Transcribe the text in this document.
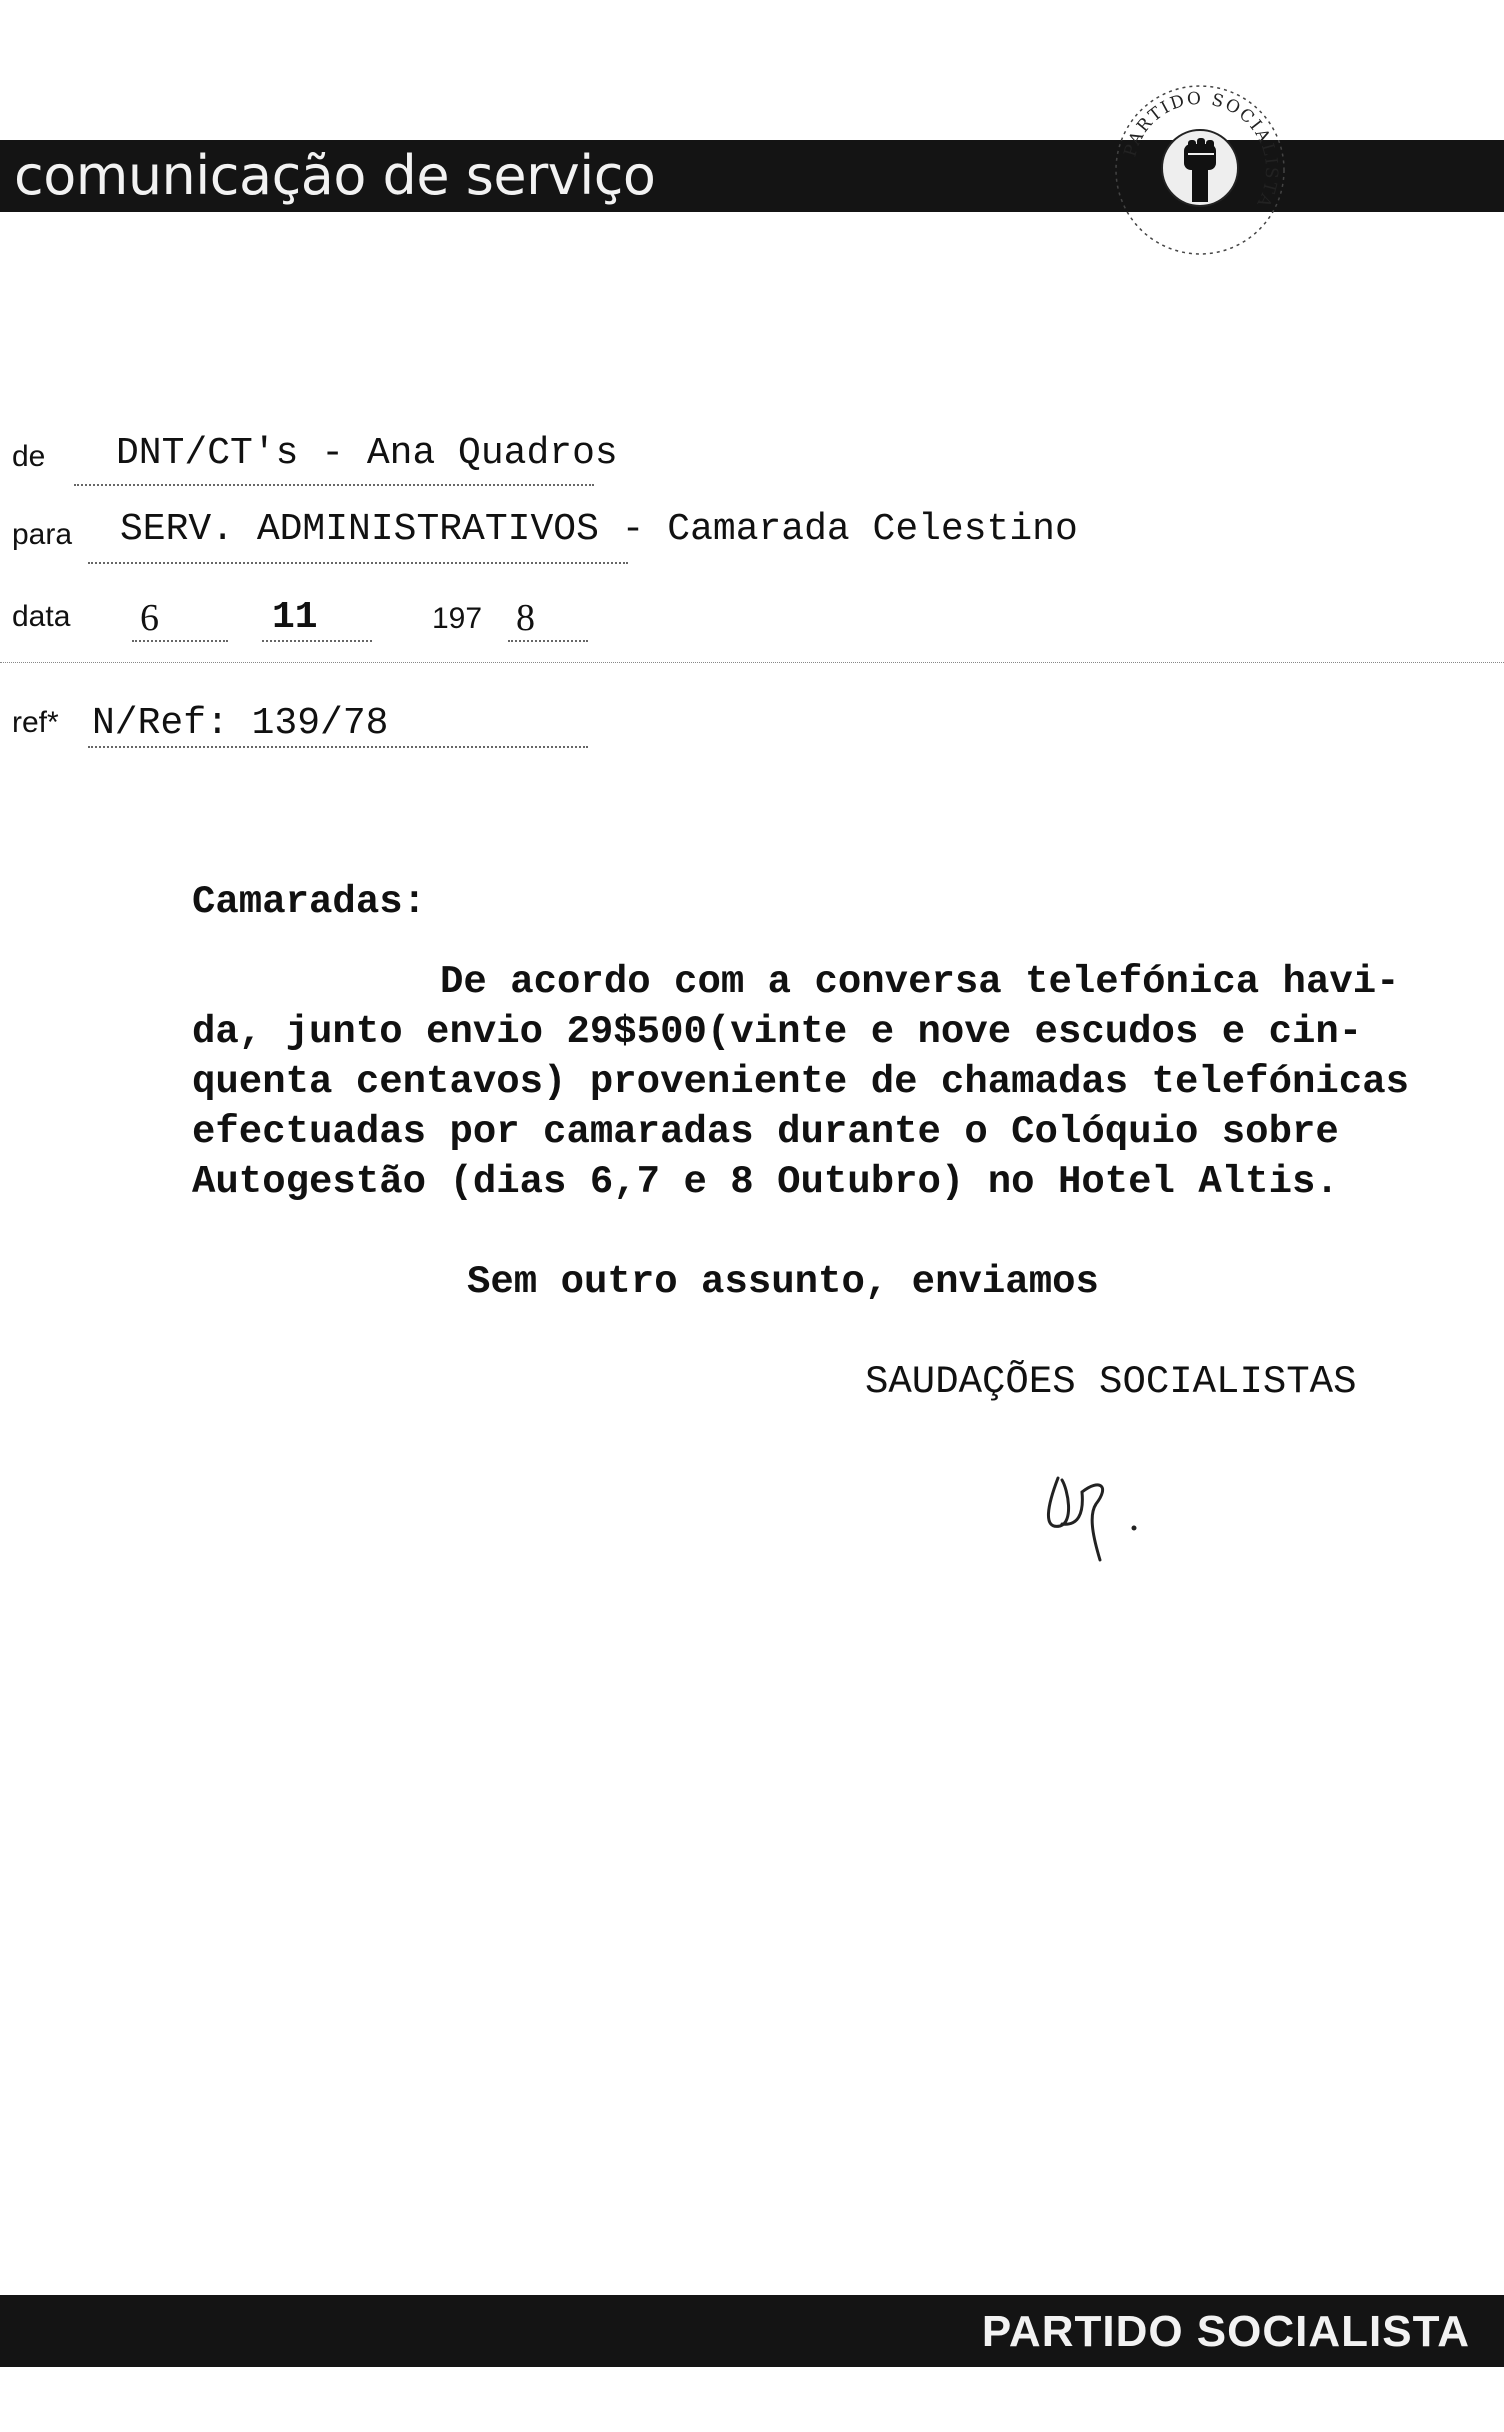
comunicação de serviço	PARTIDO SOCIALISTA
de DNT/CT's - Ana Quadros
para SERV. ADMINISTRATIVOS - Camarada Celestino
data 6	11	197 8
ref* N/Ref: 139/78
Camaradas:
De acordo com a conversa telefónica havi-
da, junto envio 29$500(vinte e nove escudos e cin-
quenta centavos) proveniente de chamadas telefónicas
efectuadas por camaradas durante o Colóquio sobre
Autogestão (dias 6,7 e 8 Outubro) no Hotel Altis.
Sem outro assunto, enviamos
SAUDAÇÕES SOCIALISTAS
PARTIDO SOCIALISTA
